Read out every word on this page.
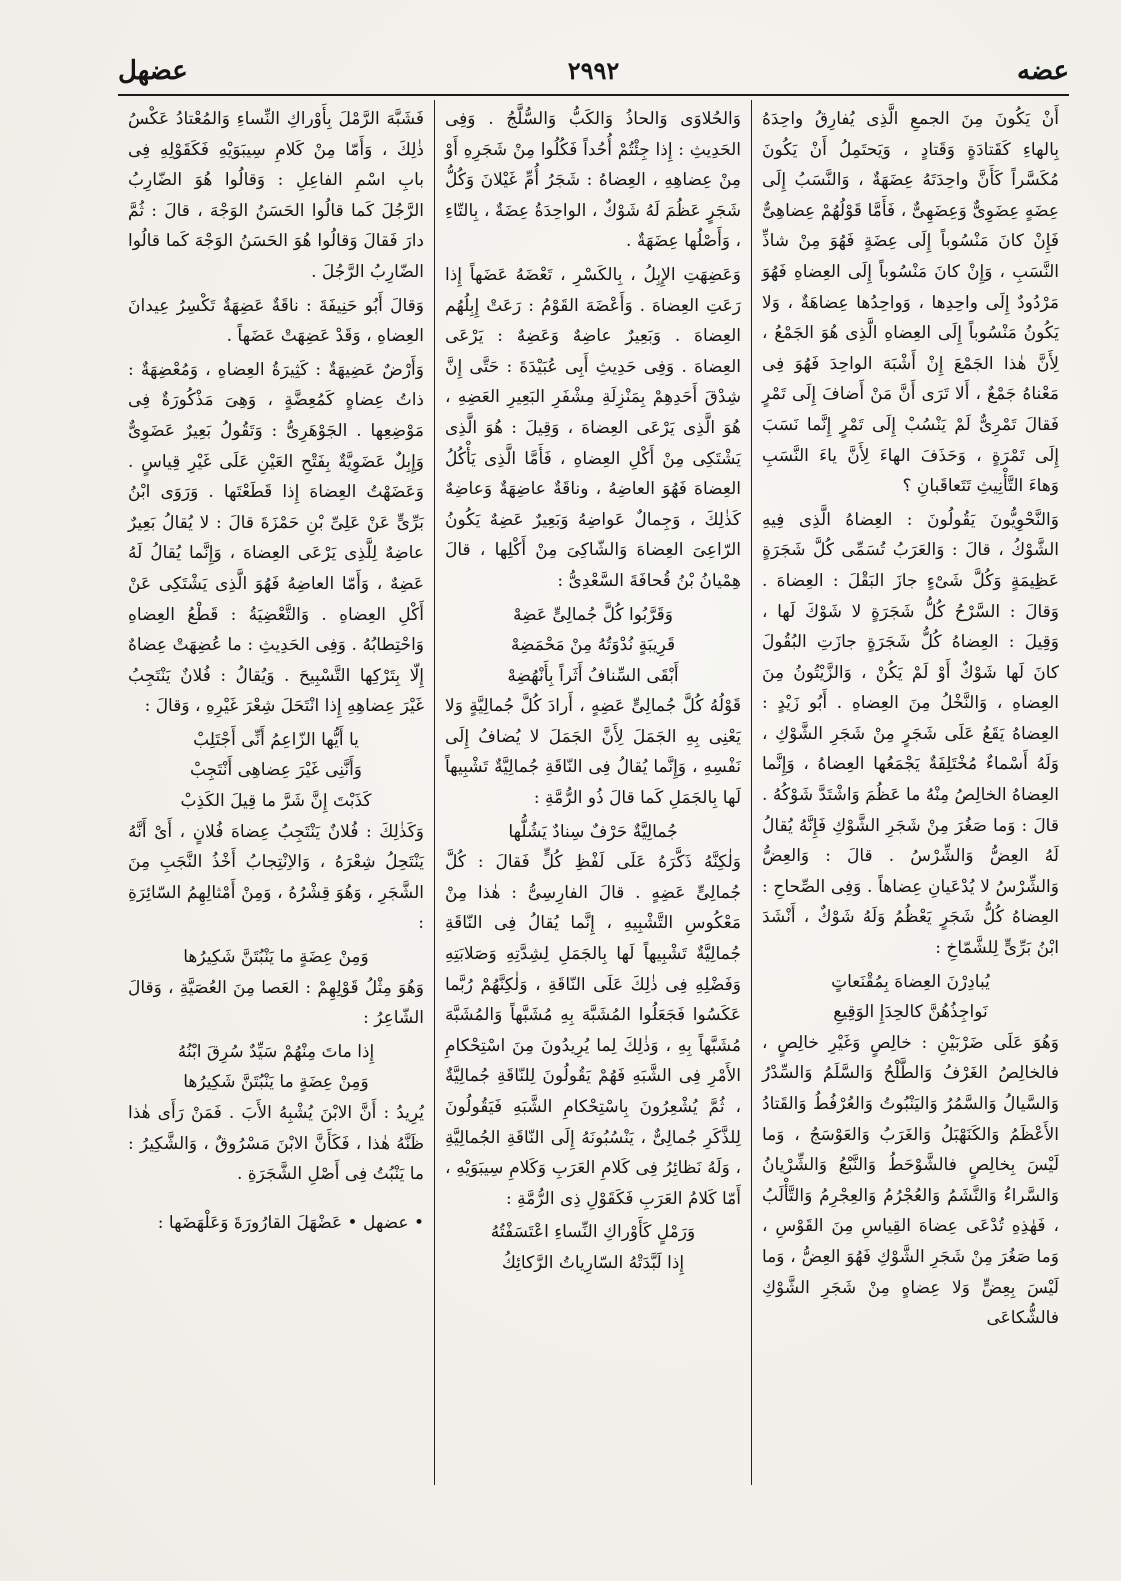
٢٩٩٢	عضه
عضهل

أَنْ يَكُونَ مِنَ الجمعِ الَّذِى يُفارِقُ واحِدَهُ بِالهاءِ كَقَتادَةٍ وَقَتادٍ ، وَيَحتَمِلُ أَنْ يَكُونَ مُكَسَّراً كَأَنَّ واحِدَتَهُ عِضَهَةٌ ، وَالنَّسَبُ إِلَى عِضَهٍ عِضَوِىٌّ وَعِضَهِىٌّ ، فَأَمَّا قَوْلُهُمْ عِضاهِىٌّ فَإِنْ كانَ مَنْسُوباً إِلَى عِضَةٍ فَهُوَ مِنْ شاذِّ النَّسَبِ ، وَإِنْ كانَ مَنْسُوباً إِلَى العِضاهِ فَهُوَ مَرْدُودٌ إِلَى واحِدِها ، وَواحِدُها عِضاهَةٌ ، وَلا يَكُونُ مَنْسُوباً إِلَى العِضاهِ الَّذِى هُوَ الجَمْعُ ، لِأَنَّ هٰذا الجَمْعَ إِنْ أَشْبَهَ الواحِدَ فَهُوَ فِى مَعْناهُ جَمْعٌ ، أَلا تَرَى أَنَّ مَنْ أَضافَ إِلَى تَمْرٍ فَقالَ تَمْرِىٌّ لَمْ يَنْسُبْ إِلَى تَمْرٍ إِنَّما نَسَبَ إِلَى تَمْرَةٍ ، وَحَذَفَ الهاءَ لِأَنَّ ياءَ النَّسَبِ وَهاءَ التَّأْنِيثِ تَتَعاقَبانِ ؟

وَالنَّحْوِيُّونَ يَقُولُونَ : العِضاهُ الَّذِى فِيهِ الشَّوْكُ ، قالَ : وَالعَرَبُ تُسَمِّى كُلَّ شَجَرَةٍ عَظِيمَةٍ وَكُلَّ شَىْءٍ جازَ البَقْلَ : العِضاهَ . وَقالَ : السَّرْحُ كُلُّ شَجَرَةٍ لا شَوْكَ لَها ، وَقِيلَ : العِضاهُ كُلُّ شَجَرَةٍ جازَتِ البُقُولَ كانَ لَها شَوْكٌ أَوْ لَمْ يَكُنْ ، وَالزَّيْتُونُ مِنَ العِضاهِ ، وَالنَّخْلُ مِنَ العِضاهِ . أَبُو زَيْدٍ : العِضاهُ يَقَعُ عَلَى شَجَرٍ مِنْ شَجَرِ الشَّوْكِ ، وَلَهُ أَسْماءٌ مُخْتَلِفَةٌ يَجْمَعُها العِضاهُ ، وَإِنَّما العِضاهُ الخالِصُ مِنْهُ ما عَظُمَ وَاشْتَدَّ شَوْكُهُ . قالَ : وَما صَغُرَ مِنْ شَجَرِ الشَّوْكِ فَإِنَّهُ يُقالُ لَهُ العِضُّ وَالشِّرْسُ . قالَ : وَالعِضُّ وَالشِّرْسُ لا يُدْعَيانِ عِضاهاً . وَفِى الصِّحاحِ : العِضاهُ كُلُّ شَجَرٍ يَعْظُمُ وَلَهُ شَوْكٌ ، أَنْشَدَ ابْنُ بَرِّىٍّ لِلشَّمّاخِ :

يُبادِرْنَ العِضاهَ بِمُقْنَعاتٍ

نَواجِذُهُنَّ كالحِدَإِ الوَقِيعِ

وَهُوَ عَلَى ضَرْبَيْنِ : خالِصٍ وَغَيْرِ خالِصٍ ، فالخالِصُ الغَرْفُ وَالطَّلْحُ وَالسَّلَمُ وَالسِّدْرُ وَالسَّيالُ وَالسَّمُرُ وَاليَنْبُوتُ وَالعُرْفُطُ وَالقَتادُ الأَعْظَمُ وَالكَنَهْبَلُ وَالغَرَبُ وَالعَوْسَجُ ، وَما لَيْسَ بِخالِصٍ فالشَّوْحَطُ وَالنَّبْعُ وَالشِّرْيانُ وَالسَّراءُ وَالنَّشَمُ وَالعُجْرُمُ وَالعِجْرِمُ وَالتَّأْلَبُ ، فَهٰذِهِ تُدْعَى عِضاهَ القِياسِ مِنَ القَوْسِ ، وَما صَغُرَ مِنْ شَجَرِ الشَّوْكِ فَهُوَ العِضُّ ، وَما لَيْسَ بِعِضٍّ وَلا عِضاهٍ مِنْ شَجَرِ الشَّوْكِ فالشُّكاعَى

وَالحُلاوَى وَالحاذُ وَالكَبُّ وَالسُّلَّجُ . وَفِى الحَدِيثِ : إِذا جِئْتُمْ أُحُداً فَكُلُوا مِنْ شَجَرِهِ أَوْ مِنْ عِضاهِهِ ، العِضاهُ : شَجَرُ أُمِّ غَيْلانَ وَكُلُّ شَجَرٍ عَظُمَ لَهُ شَوْكٌ ، الواحِدَةُ عِضَةٌ ، بِالتّاءِ ، وَأَصْلُها عِضَهَةٌ .

وَعَضِهَتِ الإِبِلُ ، بِالكَسْرِ ، تَعْضَهُ عَضَهاً إِذا رَعَتِ العِضاهَ . وَأَعْضَهَ القَوْمُ : رَعَتْ إِبِلُهُم العِضاهَ . وَبَعِيرٌ عاضِهٌ وَعَضِهٌ : يَرْعَى العِضاهَ . وَفِى حَدِيثِ أَبِى عُبَيْدَةَ : حَتَّى إِنَّ شِدْقَ أَحَدِهِمْ بِمَنْزِلَةِ مِشْفَرِ البَعِيرِ العَضِهِ ، هُوَ الَّذِى يَرْعَى العِضاهَ ، وَقِيلَ : هُوَ الَّذِى يَشْتَكِى مِنْ أَكْلِ العِضاهِ ، فَأَمَّا الَّذِى يَأْكُلُ العِضاهَ فَهُوَ العاضِهُ ، وناقَةٌ عاضِهَةٌ وَعاضِهٌ كَذٰلِكَ ، وَجِمالٌ عَواضِهُ وَبَعِيرٌ عَضِهٌ يَكُونُ الرّاعِىَ العِضاهَ وَالشّاكِىَ مِنْ أَكْلِها ، قالَ هِمْيانُ بْنُ قُحافَةَ السَّعْدِىُّ :

وَقَرَّبُوا كُلَّ جُمالِىٍّ عَضِهْ

قَرِيبَةٍ نُدْوَتُهُ مِنْ مَحْمَضِهْ

أَبْقَى السِّنافُ أَثَراً بِأَنْهُضِهْ

قَوْلُهُ كُلَّ جُمالِىٍّ عَضِهٍ ، أَرادَ كُلَّ جُمالِيَّةٍ وَلا يَعْنِى بِهِ الجَمَلَ لِأَنَّ الجَمَلَ لا يُضافُ إِلَى نَفْسِهِ ، وَإِنَّما يُقالُ فِى النّاقَةِ جُمالِيَّةٌ تَشْبِيهاً لَها بِالجَمَلِ كَما قالَ ذُو الرُّمَّةِ :

جُمالِيَّةٌ حَرْفٌ سِنادٌ يَشُلُّها

وَلٰكِنَّهُ ذَكَّرَهُ عَلَى لَفْظِ كُلٍّ فَقالَ : كُلَّ جُمالِىٍّ عَضِهٍ . قالَ الفارِسِىُّ : هٰذا مِنْ مَعْكُوسِ التَّشْبِيهِ ، إِنَّما يُقالُ فِى النّاقَةِ جُمالِيَّةٌ تَشْبِيهاً لَها بِالجَمَلِ لِشِدَّتِهِ وَصَلابَتِهِ وَفَضْلِهِ فِى ذٰلِكَ عَلَى النّاقَةِ ، وَلٰكِنَّهُمْ رُبَّما عَكَسُوا فَجَعَلُوا المُشَبَّهَ بِهِ مُشَبَّهاً وَالمُشَبَّهَ مُشَبَّهاً بِهِ ، وَذٰلِكَ لِما يُرِيدُونَ مِنَ اسْتِحْكامِ الأَمْرِ فِى الشَّبَهِ فَهُمْ يَقُولُونَ لِلنّاقَةِ جُمالِيَّةٌ ، ثُمَّ يُشْعِرُونَ بِاسْتِحْكامِ الشَّبَهِ فَيَقُولُونَ لِلذَّكَرِ جُمالِىٌّ ، يَنْسُبُونَهُ إِلَى النّاقَةِ الجُمالِيَّةِ ، وَلَهُ نَظائِرُ فِى كَلامِ العَرَبِ وَكَلامِ سِيبَوَيْهِ ، أَمّا كَلامُ العَرَبِ فَكَقَوْلِ ذِى الرُّمَّةِ :

وَرَمْلٍ كَأَوْراكِ النِّساءِ اعْتَسَفْتُهُ

إِذا لَبَّدَتْهُ السّارِياتُ الرَّكائِكُ

فَشَبَّهَ الرَّمْلَ بِأَوْراكِ النِّساءِ وَالمُعْتادُ عَكْسُ ذٰلِكَ ، وَأَمّا مِنْ كَلامِ سِيبَوَيْهِ فَكَقَوْلِهِ فِى بابِ اسْمِ الفاعِلِ : وَقالُوا هُوَ الضّارِبُ الرَّجُلَ كَما قالُوا الحَسَنُ الوَجْهَ ، قالَ : ثُمَّ دارَ فَقالَ وَقالُوا هُوَ الحَسَنُ الوَجْهَ كَما قالُوا الضّارِبُ الرَّجُلَ .

وَقالَ أَبُو حَنِيفَةَ : ناقَةٌ عَضِهَةٌ تَكْسِرُ عِيدانَ العِضاهِ ، وَقَدْ عَضِهَتْ عَضَهاً .

وَأَرْضٌ عَضِيهَةٌ : كَثِيرَةُ العِضاهِ ، وَمُعْضِهَةٌ : ذاتُ عِضاهٍ كَمُعِضَّةٍ ، وَهِىَ مَذْكُورَةٌ فِى مَوْضِعِها . الجَوْهَرِىُّ : وَتَقُولُ بَعِيرٌ عَضَوِىٌّ وَإِبِلٌ عَضَوِيَّةٌ بِفَتْحِ العَيْنِ عَلَى غَيْرِ قِياسٍ . وَعَضَهْتُ العِضاهَ إِذا قَطَعْتَها . وَرَوَى ابْنُ بَرِّىٍّ عَنْ عَلِىِّ بْنِ حَمْزَةَ قالَ : لا يُقالُ بَعِيرٌ عاضِهٌ لِلَّذِى يَرْعَى العِضاهَ ، وَإِنَّما يُقالُ لَهُ عَضِهٌ ، وَأَمّا العاضِهُ فَهُوَ الَّذِى يَشْتَكِى عَنْ أَكْلِ العِضاهِ . وَالتَّعْضِيَةُ : قَطْعُ العِضاهِ وَاحْتِطابُهُ . وَفِى الحَدِيثِ : ما عُضِهَتْ عِضاهٌ إِلّا بِتَرْكِها التَّسْبِيحَ . وَيُقالُ : فُلانٌ يَنْتَجِبُ غَيْرَ عِضاهِهِ إِذا انْتَحَلَ شِعْرَ غَيْرِهِ ، وَقالَ :

يا أَيُّها الزّاعِمُ أَنِّى أَجْتَلِبْ

وَأَنَّنِى غَيْرَ عِضاهِى أَنْتَجِبْ

كَذَبْتَ إِنَّ شَرَّ ما قِيلَ الكَذِبْ

وَكَذٰلِكَ : فُلانٌ يَنْتَجِبُ عِضاهَ فُلانٍ ، أَىْ أَنَّهُ يَنْتَحِلُ شِعْرَهُ ، وَالاِنْتِجابُ أَخْذُ النَّجَبِ مِنَ الشَّجَرِ ، وَهُوَ قِشْرُهُ ، وَمِنْ أَمْثالِهِمُ السّائِرَةِ :

وَمِنْ عِضَةٍ ما يَنْبُتَنَّ شَكِيرُها

وَهُوَ مِثْلُ قَوْلِهِمْ : العَصا مِنَ العُصَيَّةِ ، وَقالَ الشّاعِرُ :

إِذا ماتَ مِنْهُمْ سَيِّدٌ سُرِقَ ابْنُهُ

وَمِنْ عِضَةٍ ما يَنْبُتَنَّ شَكِيرُها

يُرِيدُ : أَنَّ الابْنَ يُشْبِهُ الأَبَ . فَمَنْ رَأَى هٰذا ظَنَّهُ هٰذا ، فَكَأَنَّ الابْنَ مَسْرُوقٌ ، وَالشَّكِيرُ : ما يَنْبُتُ فِى أَصْلِ الشَّجَرَةِ .

• عضهل • عَضْهَلَ القارُورَةَ وَعَلْهَضَها :
